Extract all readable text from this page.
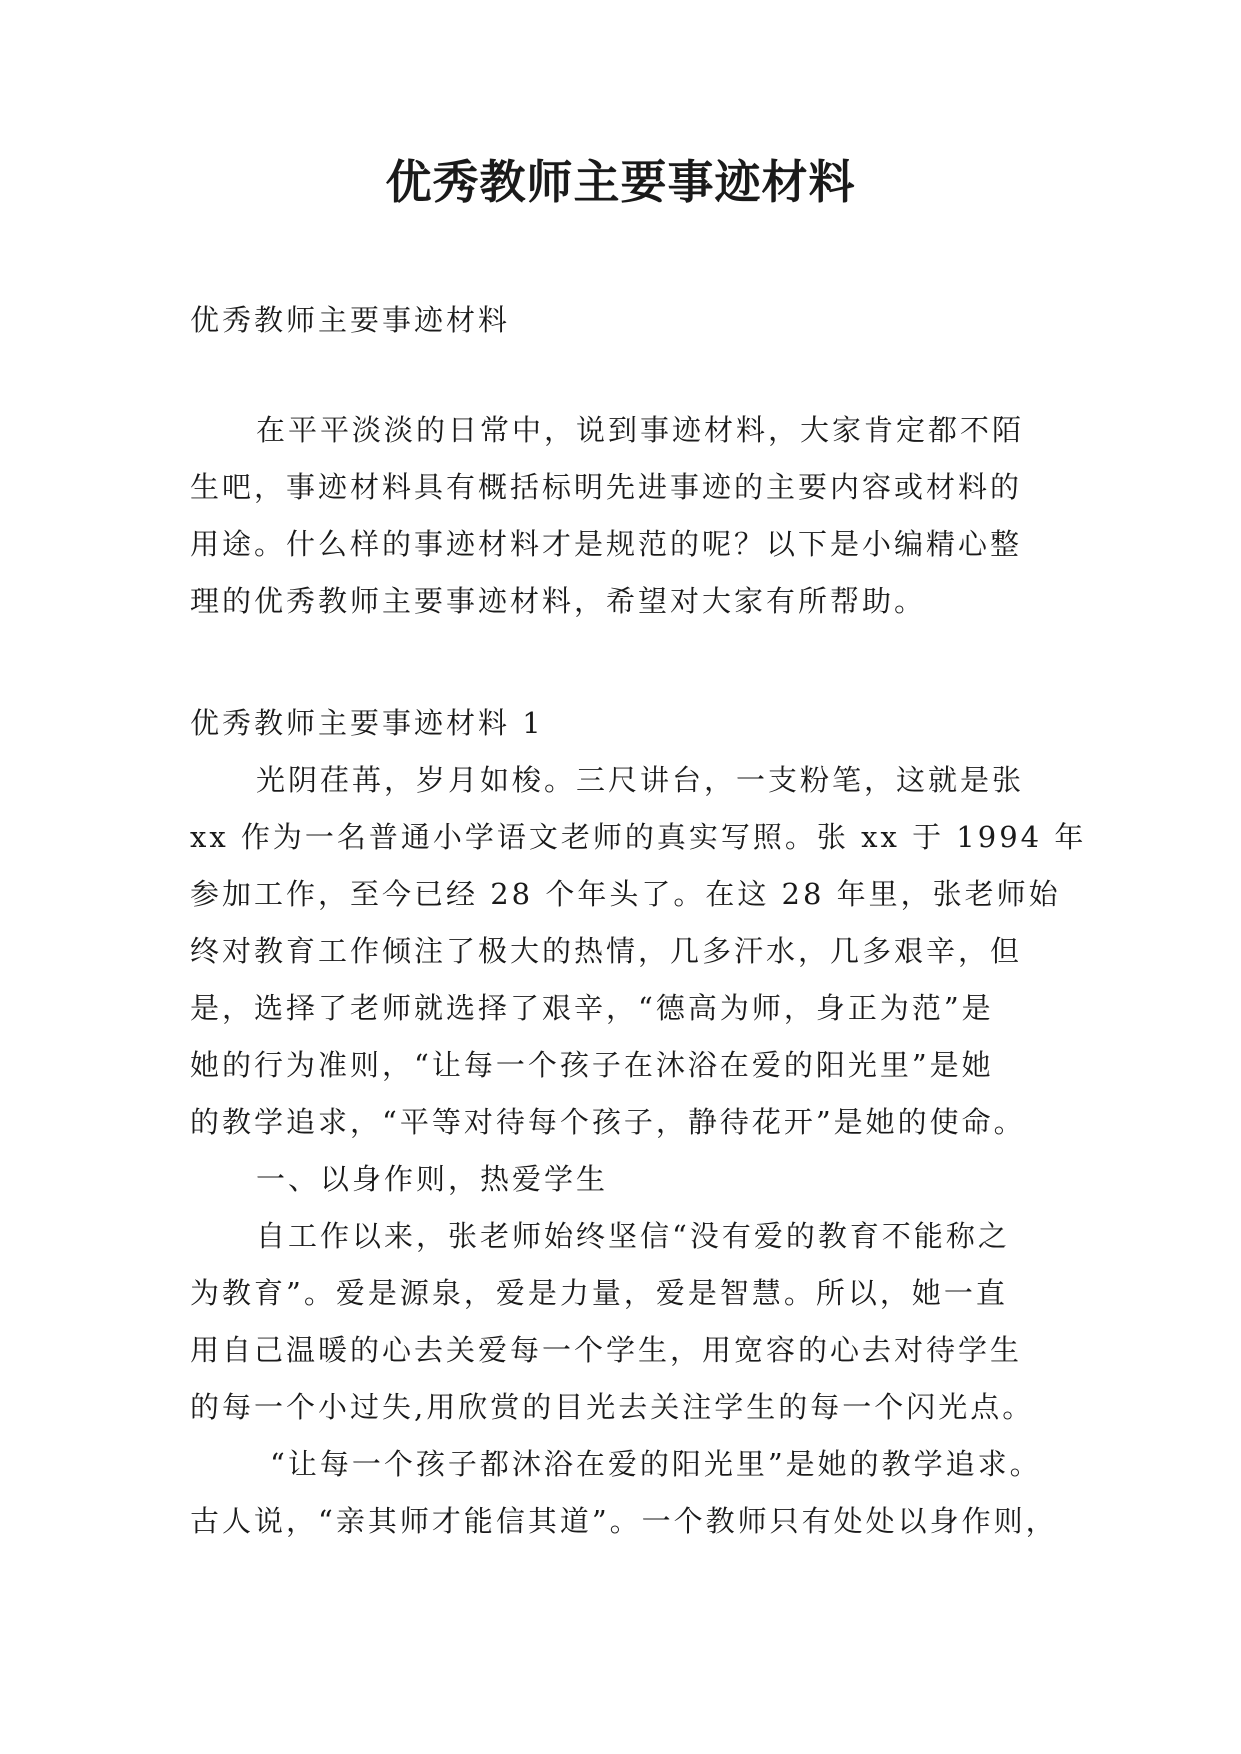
优秀教师主要事迹材料
优秀教师主要事迹材料
在平平淡淡的日常中，说到事迹材料，大家肯定都不陌
生吧，事迹材料具有概括标明先进事迹的主要内容或材料的
用途。什么样的事迹材料才是规范的呢？以下是小编精心整
理的优秀教师主要事迹材料，希望对大家有所帮助。
优秀教师主要事迹材料 1
光阴荏苒，岁月如梭。三尺讲台，一支粉笔，这就是张
xx 作为一名普通小学语文老师的真实写照。张 xx 于 1994 年
参加工作，至今已经 28 个年头了。在这 28 年里，张老师始
终对教育工作倾注了极大的热情，几多汗水，几多艰辛，但
是，选择了老师就选择了艰辛，“德高为师，身正为范”是
她的行为准则，“让每一个孩子在沐浴在爱的阳光里”是她
的教学追求，“平等对待每个孩子，静待花开”是她的使命。
一、以身作则，热爱学生
自工作以来，张老师始终坚信“没有爱的教育不能称之
为教育”。爱是源泉，爱是力量，爱是智慧。所以，她一直
用自己温暖的心去关爱每一个学生，用宽容的心去对待学生
的每一个小过失,用欣赏的目光去关注学生的每一个闪光点。
“让每一个孩子都沐浴在爱的阳光里”是她的教学追求。
古人说，“亲其师才能信其道”。一个教师只有处处以身作则，
